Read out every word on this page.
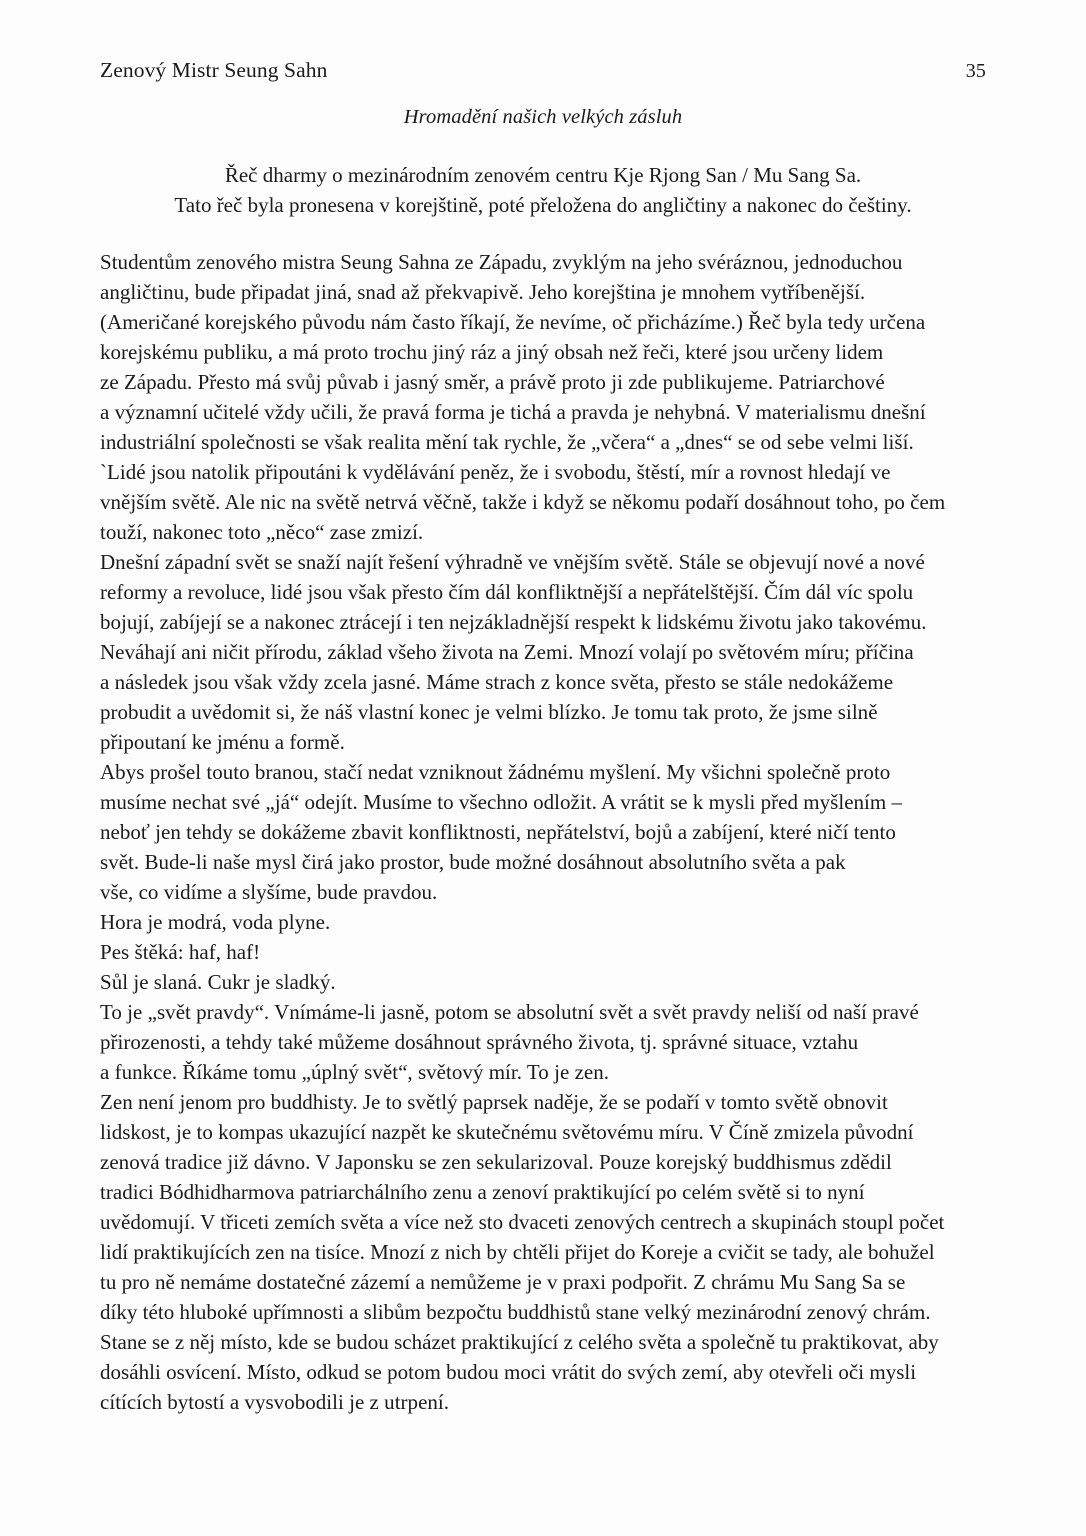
Zenový Mistr Seung Sahn	35
Hromadění našich velkých zásluh
Řeč dharmy o mezinárodním zenovém centru Kje Rjong San / Mu Sang Sa.
Tato řeč byla pronesena v korejštině, poté přeložena do angličtiny a nakonec do češtiny.
Studentům zenového mistra Seung Sahna ze Západu, zvyklým na jeho svéráznou, jednoduchou
angličtinu, bude připadat jiná, snad až překvapivě. Jeho korejština je mnohem vytříbenější.
(Američané korejského původu nám často říkají, že nevíme, oč přicházíme.) Řeč byla tedy určena
korejskému publiku, a má proto trochu jiný ráz a jiný obsah než řeči, které jsou určeny lidem
ze Západu. Přesto má svůj půvab i jasný směr, a právě proto ji zde publikujeme. Patriarchové
a významní učitelé vždy učili, že pravá forma je tichá a pravda je nehybná. V materialismu dnešní
industriální společnosti se však realita mění tak rychle, že „včera“ a „dnes“ se od sebe velmi liší.
`Lidé jsou natolik připoutáni k vydělávání peněz, že i svobodu, štěstí, mír a rovnost hledají ve
vnějším světě. Ale nic na světě netrvá věčně, takže i když se někomu podaří dosáhnout toho, po čem
touží, nakonec toto „něco“ zase zmizí.
Dnešní západní svět se snaží najít řešení výhradně ve vnějším světě. Stále se objevují nové a nové
reformy a revoluce, lidé jsou však přesto čím dál konfliktnější a nepřátelštější. Čím dál víc spolu
bojují, zabíjejí se a nakonec ztrácejí i ten nejzákladnější respekt k lidskému životu jako takovému.
Neváhají ani ničit přírodu, základ všeho života na Zemi. Mnozí volají po světovém míru; příčina
a následek jsou však vždy zcela jasné. Máme strach z konce světa, přesto se stále nedokážeme
probudit a uvědomit si, že náš vlastní konec je velmi blízko. Je tomu tak proto, že jsme silně
připoutaní ke jménu a formě.
Abys prošel touto branou, stačí nedat vzniknout žádnému myšlení. My všichni společně proto
musíme nechat své „já“ odejít. Musíme to všechno odložit. A vrátit se k mysli před myšlením –
neboť jen tehdy se dokážeme zbavit konfliktnosti, nepřátelství, bojů a zabíjení, které ničí tento
svět. Bude-li naše mysl čirá jako prostor, bude možné dosáhnout absolutního světa a pak
vše, co vidíme a slyšíme, bude pravdou.
Hora je modrá, voda plyne.
Pes štěká: haf, haf!
Sůl je slaná. Cukr je sladký.
To je „svět pravdy“. Vnímáme-li jasně, potom se absolutní svět a svět pravdy neliší od naší pravé
přirozenosti, a tehdy také můžeme dosáhnout správného života, tj. správné situace, vztahu
a funkce. Říkáme tomu „úplný svět“, světový mír. To je zen.
Zen není jenom pro buddhisty. Je to světlý paprsek naděje, že se podaří v tomto světě obnovit
lidskost, je to kompas ukazující nazpět ke skutečnému světovému míru. V Číně zmizela původní
zenová tradice již dávno. V Japonsku se zen sekularizoval. Pouze korejský buddhismus zdědil
tradici Bódhidharmova patriarchálního zenu a zenoví praktikující po celém světě si to nyní
uvědomují. V třiceti zemích světa a více než sto dvaceti zenových centrech a skupinách stoupl počet
lidí praktikujících zen na tisíce. Mnozí z nich by chtěli přijet do Koreje a cvičit se tady, ale bohužel
tu pro ně nemáme dostatečné zázemí a nemůžeme je v praxi podpořit. Z chrámu Mu Sang Sa se
díky této hluboké upřímnosti a slibům bezpočtu buddhistů stane velký mezinárodní zenový chrám.
Stane se z něj místo, kde se budou scházet praktikující z celého světa a společně tu praktikovat, aby
dosáhli osvícení. Místo, odkud se potom budou moci vrátit do svých zemí, aby otevřeli oči mysli
cítících bytostí a vysvobodili je z utrpení.
